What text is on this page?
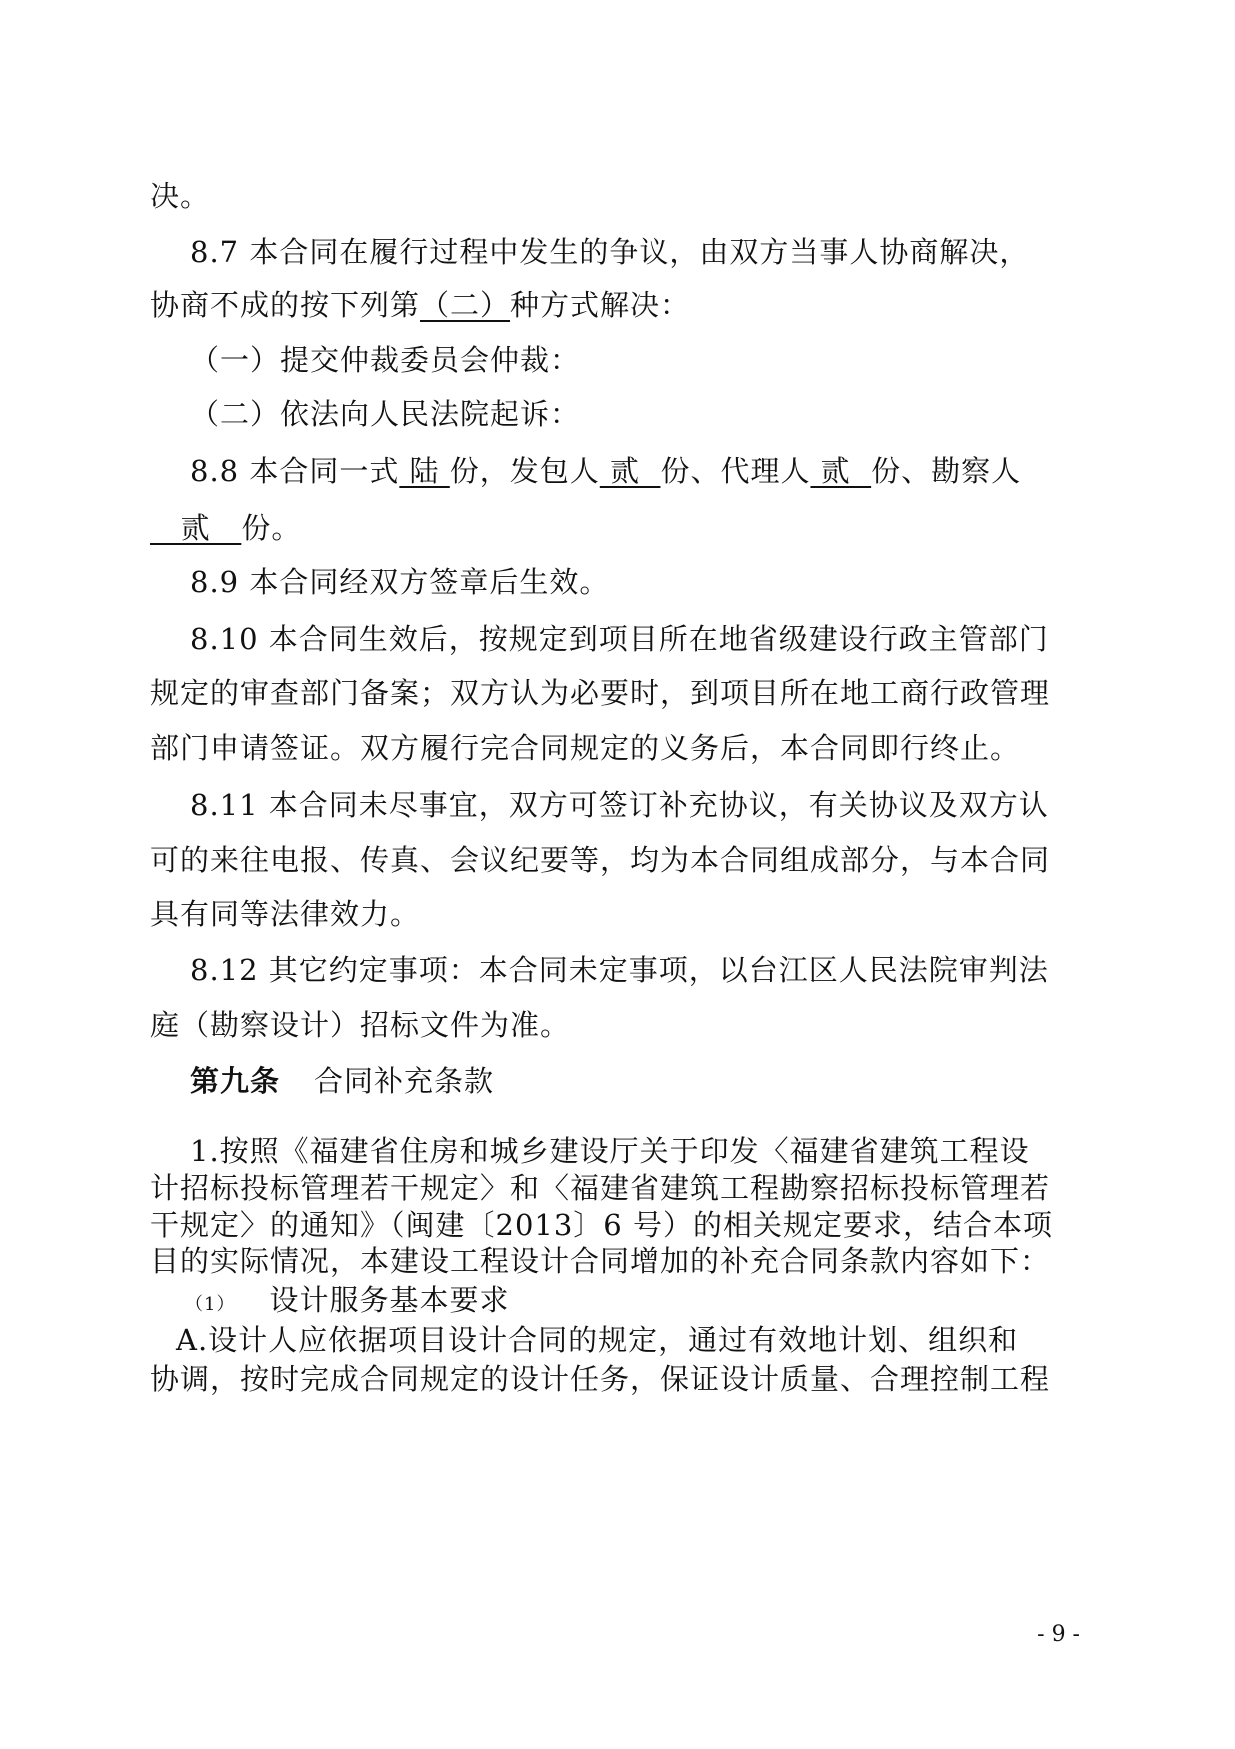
决。
8.7 本合同在履行过程中发生的争议，由双方当事人协商解决，
协商不成的按下列第（二）种方式解决：
（一）提交仲裁委员会仲裁：
（二）依法向人民法院起诉：
8.8 本合同一式 陆 份，发包人 贰  份、代理人 贰  份、勘察人
贰   份。
8.9 本合同经双方签章后生效。
8.10 本合同生效后，按规定到项目所在地省级建设行政主管部门
规定的审查部门备案；双方认为必要时，到项目所在地工商行政管理
部门申请签证。双方履行完合同规定的义务后，本合同即行终止。
8.11 本合同未尽事宜，双方可签订补充协议，有关协议及双方认
可的来往电报、传真、会议纪要等，均为本合同组成部分，与本合同
具有同等法律效力。
8.12 其它约定事项：本合同未定事项，以台江区人民法院审判法
庭（勘察设计）招标文件为准。
第九条 合同补充条款
1.按照《福建省住房和城乡建设厅关于印发〈福建省建筑工程设
计招标投标管理若干规定〉和〈福建省建筑工程勘察招标投标管理若
干规定〉的通知》（闽建〔2013〕6 号）的相关规定要求，结合本项
目的实际情况，本建设工程设计合同增加的补充合同条款内容如下：
（1） 设计服务基本要求
A.设计人应依据项目设计合同的规定，通过有效地计划、组织和
协调，按时完成合同规定的设计任务，保证设计质量、合理控制工程
- 9 -
